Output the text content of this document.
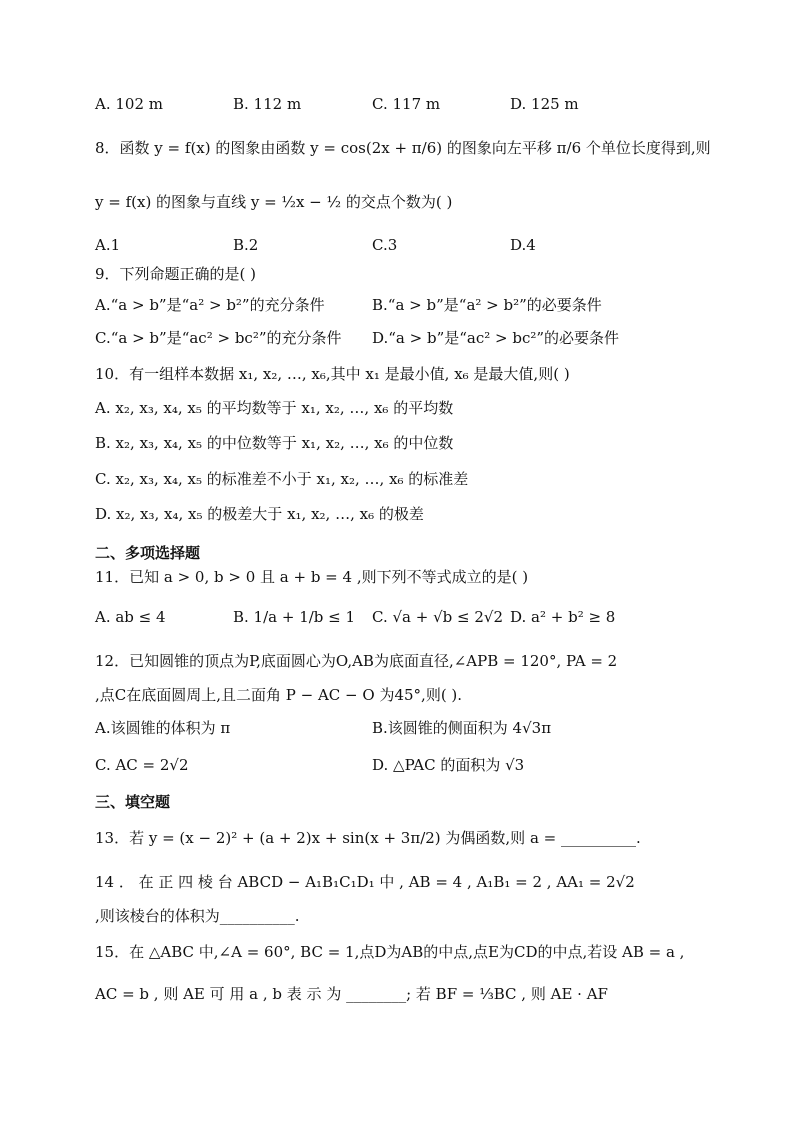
A. 102 m	B. 112 m	C. 117 m	D. 125 m
8．函数 y = f(x) 的图象由函数 y = cos(2x + π/6) 的图象向左平移 π/6 个单位长度得到,则
y = f(x) 的图象与直线 y = ½x − ½ 的交点个数为( )
A.1	B.2	C.3	D.4
9．下列命题正确的是( )
A.“a > b”是“a² > b²”的充分条件	B.“a > b”是“a² > b²”的必要条件
C.“a > b”是“ac² > bc²”的充分条件 D.“a > b”是“ac² > bc²”的必要条件
10．有一组样本数据 x₁, x₂, …, x₆,其中 x₁ 是最小值, x₆ 是最大值,则( )
A. x₂, x₃, x₄, x₅ 的平均数等于 x₁, x₂, …, x₆ 的平均数
B. x₂, x₃, x₄, x₅ 的中位数等于 x₁, x₂, …, x₆ 的中位数
C. x₂, x₃, x₄, x₅ 的标准差不小于 x₁, x₂, …, x₆ 的标准差
D. x₂, x₃, x₄, x₅ 的极差大于 x₁, x₂, …, x₆ 的极差
二、多项选择题
11．已知 a > 0, b > 0 且 a + b = 4 ,则下列不等式成立的是( )
A. ab ≤ 4	B. 1/a + 1/b ≤ 1 C. √a + √b ≤ 2√2 D. a² + b² ≥ 8
12．已知圆锥的顶点为P,底面圆心为O,AB为底面直径,∠APB = 120°, PA = 2
,点C在底面圆周上,且二面角 P − AC − O 为45°,则( ).
A.该圆锥的体积为 π	B.该圆锥的侧面积为 4√3π
C. AC = 2√2	D. △PAC 的面积为 √3
三、填空题
13．若 y = (x − 2)² + (a + 2)x + sin(x + 3π/2) 为偶函数,则 a = __________.
14 ． 在 正 四 棱 台 ABCD − A₁B₁C₁D₁ 中 , AB = 4 , A₁B₁ = 2 , AA₁ = 2√2
,则该棱台的体积为__________.
15．在 △ABC 中,∠A = 60°, BC = 1,点D为AB的中点,点E为CD的中点,若设 AB = a ,
AC = b , 则 AE 可 用 a , b 表 示 为 ________; 若 BF = ⅓BC , 则 AE · AF
